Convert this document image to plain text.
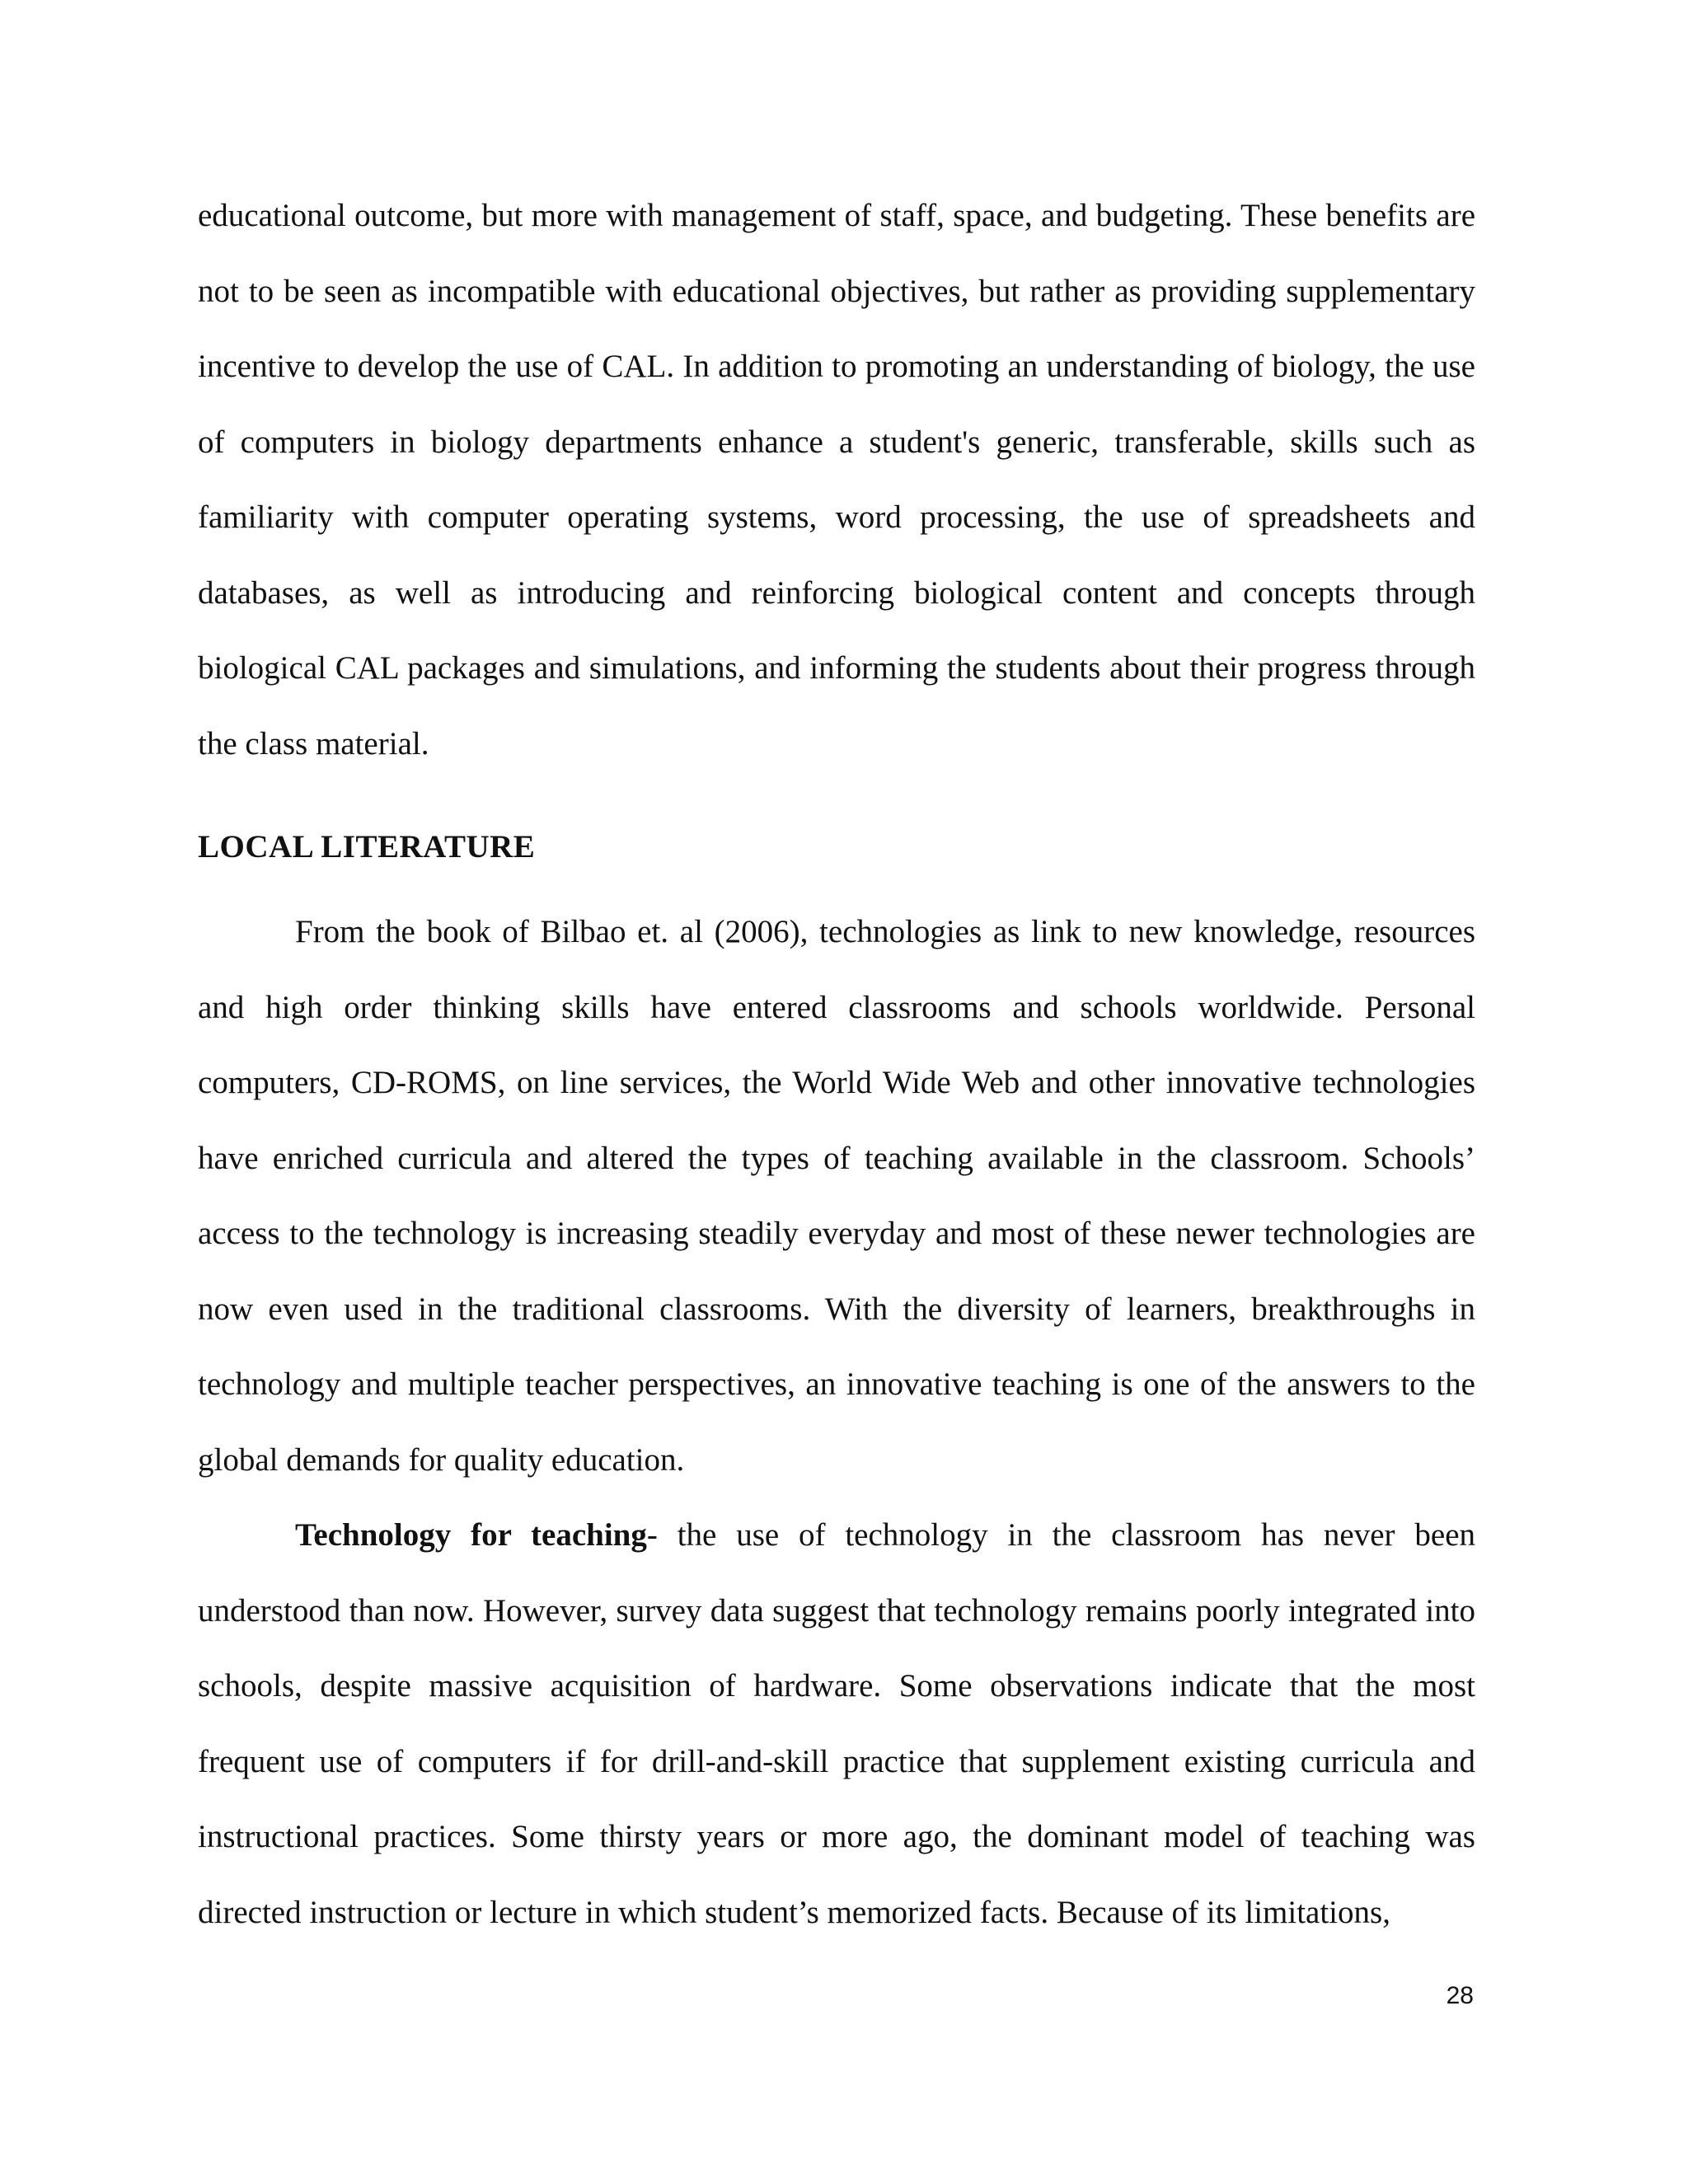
educational outcome, but more with management of staff, space, and budgeting. These benefits are not to be seen as incompatible with educational objectives, but rather as providing supplementary incentive to develop the use of CAL. In addition to promoting an understanding of biology, the use of computers in biology departments enhance a student's generic, transferable, skills such as familiarity with computer operating systems, word processing, the use of spreadsheets and databases, as well as introducing and reinforcing biological content and concepts through biological CAL packages and simulations, and informing the students about their progress through the class material.

LOCAL LITERATURE

From the book of Bilbao et. al (2006), technologies as link to new knowledge, resources and high order thinking skills have entered classrooms and schools worldwide. Personal computers, CD-ROMS, on line services, the World Wide Web and other innovative technologies have enriched curricula and altered the types of teaching available in the classroom. Schools’ access to the technology is increasing steadily everyday and most of these newer technologies are now even used in the traditional classrooms. With the diversity of learners, breakthroughs in technology and multiple teacher perspectives, an innovative teaching is one of the answers to the global demands for quality education.

Technology for teaching- the use of technology in the classroom has never been understood than now. However, survey data suggest that technology remains poorly integrated into schools, despite massive acquisition of hardware. Some observations indicate that the most frequent use of computers if for drill-and-skill practice that supplement existing curricula and instructional practices. Some thirsty years or more ago, the dominant model of teaching was directed instruction or lecture in which student’s memorized facts. Because of its limitations,

28
